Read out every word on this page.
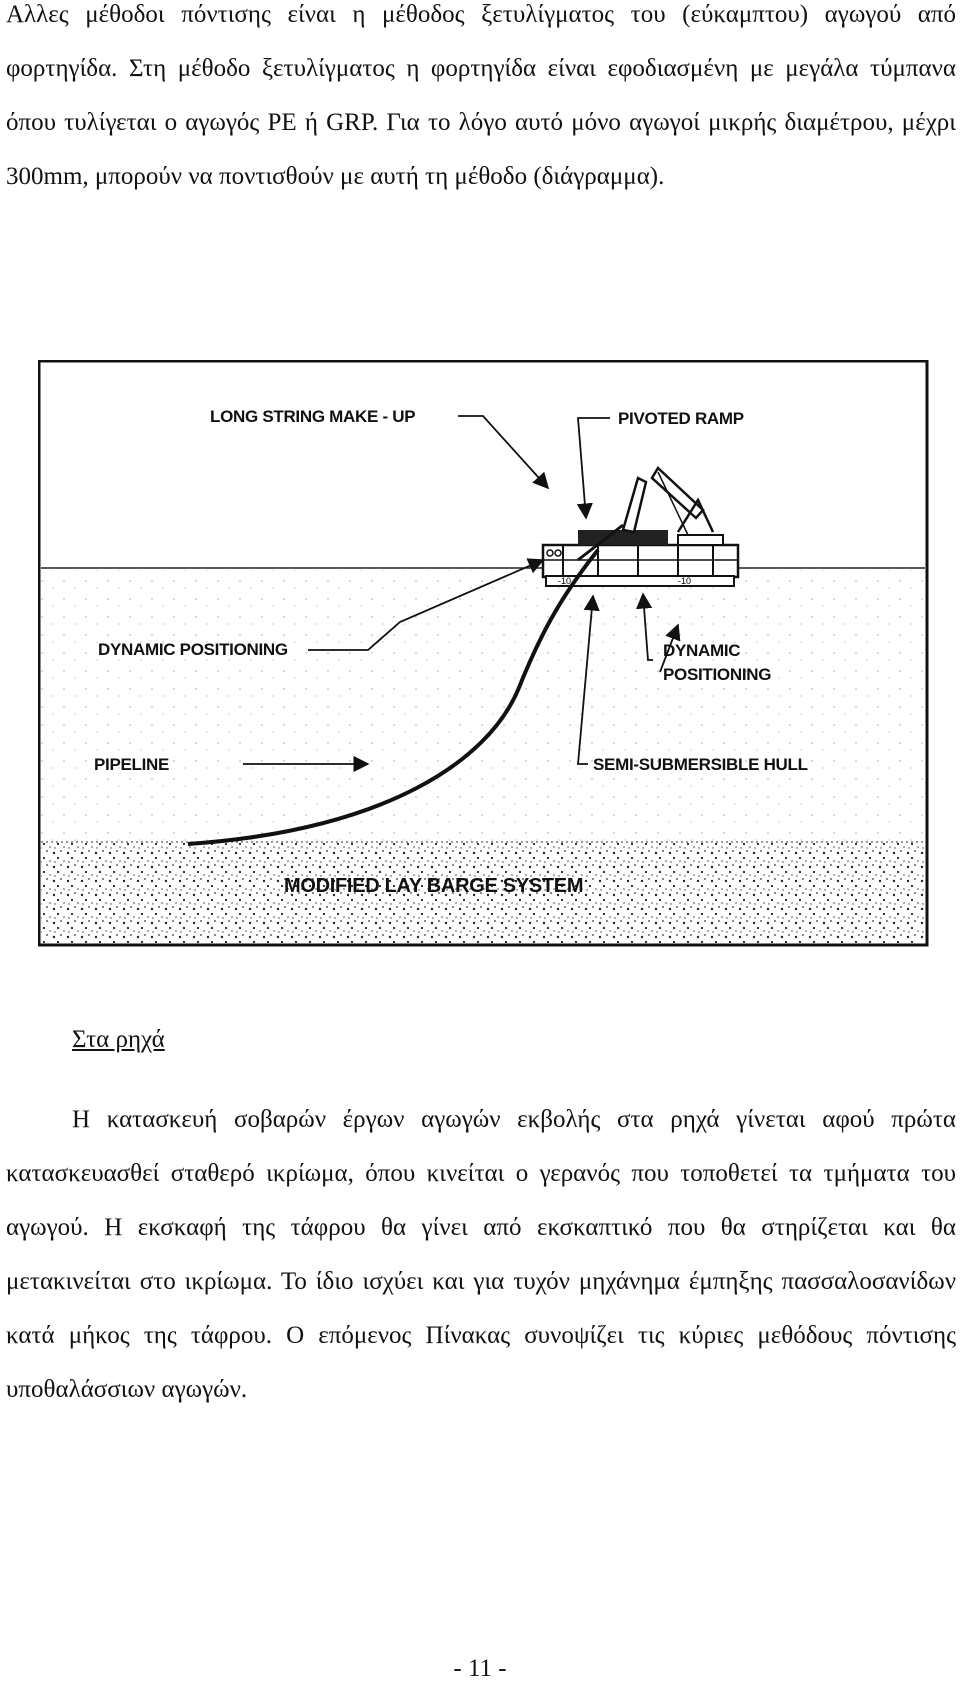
Αλλες μέθοδοι πόντισης είναι η μέθοδος ξετυλίγματος του (εύκαμπτου) αγωγού από φορτηγίδα. Στη μέθοδο ξετυλίγματος η φορτηγίδα είναι εφοδιασμένη με μεγάλα τύμπανα όπου τυλίγεται ο αγωγός PE ή GRP. Για το λόγο αυτό μόνο αγωγοί μικρής διαμέτρου, μέχρι 300mm, μπορούν να ποντισθούν με αυτή τη μέθοδο (διάγραμμα).

-10	-10
LONG STRING MAKE - UP	PIVOTED RAMP
DYNAMIC POSITIONING	DYNAMIC
POSITIONING
PIPELINE	SEMI-SUBMERSIBLE HULL
MODIFIED LAY BARGE SYSTEM

Στα ρηχά

Η κατασκευή σοβαρών έργων αγωγών εκβολής στα ρηχά γίνεται αφού πρώτα κατασκευασθεί σταθερό ικρίωμα, όπου κινείται ο γερανός που τοποθετεί τα τμήματα του αγωγού. Η εκσκαφή της τάφρου θα γίνει από εκσκαπτικό που θα στηρίζεται και θα μετακινείται στο ικρίωμα. Το ίδιο ισχύει και για τυχόν μηχάνημα έμπηξης πασσαλοσανίδων κατά μήκος της τάφρου. Ο επόμενος Πίνακας συνοψίζει τις κύριες μεθόδους πόντισης υποθαλάσσιων αγωγών.

- 11 -
